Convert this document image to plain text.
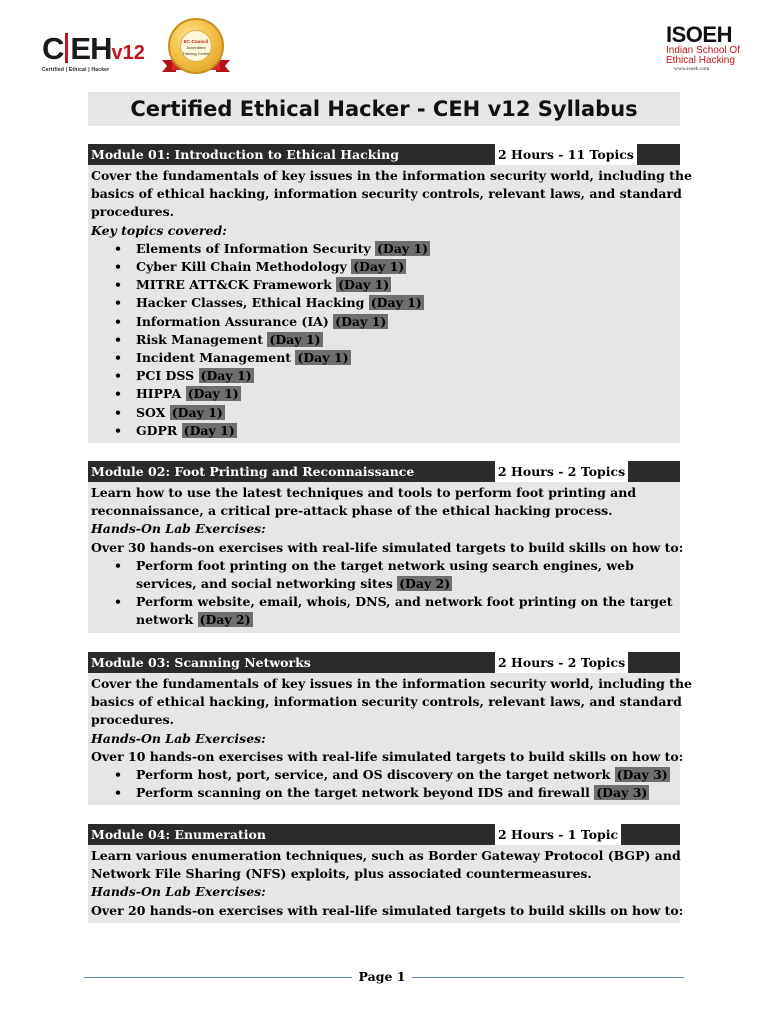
C EHv12
Certified | Ethical | Hacker
EC-Council
Accredited
Training Center
ISOEH
Indian School Of
Ethical Hacking
www.isoeh.com
Certified Ethical Hacker - CEH v12 Syllabus
Module 01: Introduction to Ethical Hacking	2 Hours - 11 Topics
Cover the fundamentals of key issues in the information security world, including the
basics of ethical hacking, information security controls, relevant laws, and standard
procedures.
Key topics covered:
• Elements of Information Security (Day 1)
• Cyber Kill Chain Methodology (Day 1)
• MITRE ATT&CK Framework (Day 1)
• Hacker Classes, Ethical Hacking (Day 1)
• Information Assurance (IA) (Day 1)
• Risk Management (Day 1)
• Incident Management (Day 1)
• PCI DSS (Day 1)
• HIPPA (Day 1)
• SOX (Day 1)
• GDPR (Day 1)
Module 02: Foot Printing and Reconnaissance	2 Hours - 2 Topics
Learn how to use the latest techniques and tools to perform foot printing and
reconnaissance, a critical pre-attack phase of the ethical hacking process.
Hands-On Lab Exercises:
Over 30 hands-on exercises with real-life simulated targets to build skills on how to:
• Perform foot printing on the target network using search engines, web
services, and social networking sites (Day 2)
• Perform website, email, whois, DNS, and network foot printing on the target
network (Day 2)
Module 03: Scanning Networks	2 Hours - 2 Topics
Cover the fundamentals of key issues in the information security world, including the
basics of ethical hacking, information security controls, relevant laws, and standard
procedures.
Hands-On Lab Exercises:
Over 10 hands-on exercises with real-life simulated targets to build skills on how to:
• Perform host, port, service, and OS discovery on the target network (Day 3)
• Perform scanning on the target network beyond IDS and firewall (Day 3)
Module 04: Enumeration	2 Hours - 1 Topic
Learn various enumeration techniques, such as Border Gateway Protocol (BGP) and
Network File Sharing (NFS) exploits, plus associated countermeasures.
Hands-On Lab Exercises:
Over 20 hands-on exercises with real-life simulated targets to build skills on how to:
Page 1
